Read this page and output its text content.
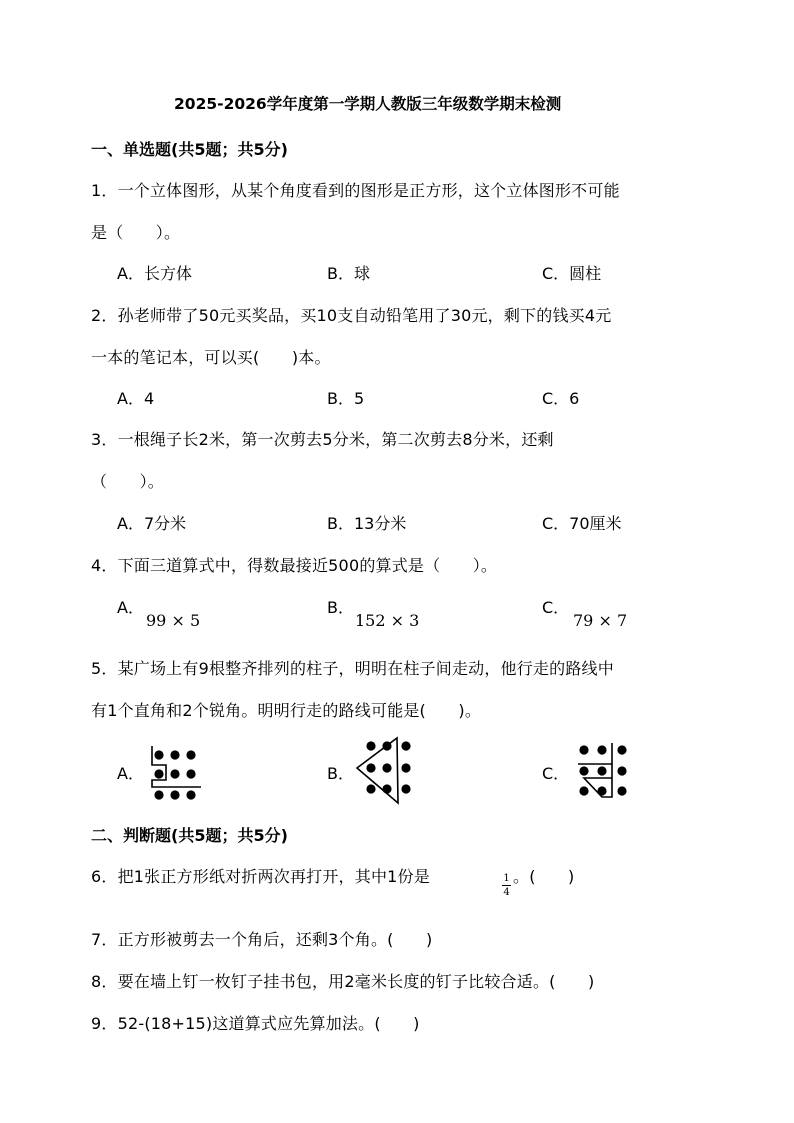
2025-2026学年度第一学期人教版三年级数学期末检测
一、单选题(共5题；共5分)
1．一个立体图形，从某个角度看到的图形是正方形，这个立体图形不可能
是（　　）。
A．长方体	B．球	C．圆柱
2．孙老师带了50元买奖品，买10支自动铅笔用了30元，剩下的钱买4元
一本的笔记本，可以买(　　)本。
A．4	B．5	C．6
3．一根绳子长2米，第一次剪去5分米，第二次剪去8分米，还剩
（　　）。
A．7分米	B．13分米	C．70厘米
4．下面三道算式中，得数最接近500的算式是（　　）。
A．
99 × 5
B．
152 × 3
C．
79 × 7
5．某广场上有9根整齐排列的柱子，明明在柱子间走动，他行走的路线中
有1个直角和2个锐角。明明行走的路线可能是(　　)。
A．	B．	C．
二、判断题(共5题；共5分)
6．把1张正方形纸对折两次再打开，其中1份是	1
4
。(　　)
7．正方形被剪去一个角后，还剩3个角。(　　)
8．要在墙上钉一枚钉子挂书包，用2毫米长度的钉子比较合适。(　　)
9．52-(18+15)这道算式应先算加法。(　　)
